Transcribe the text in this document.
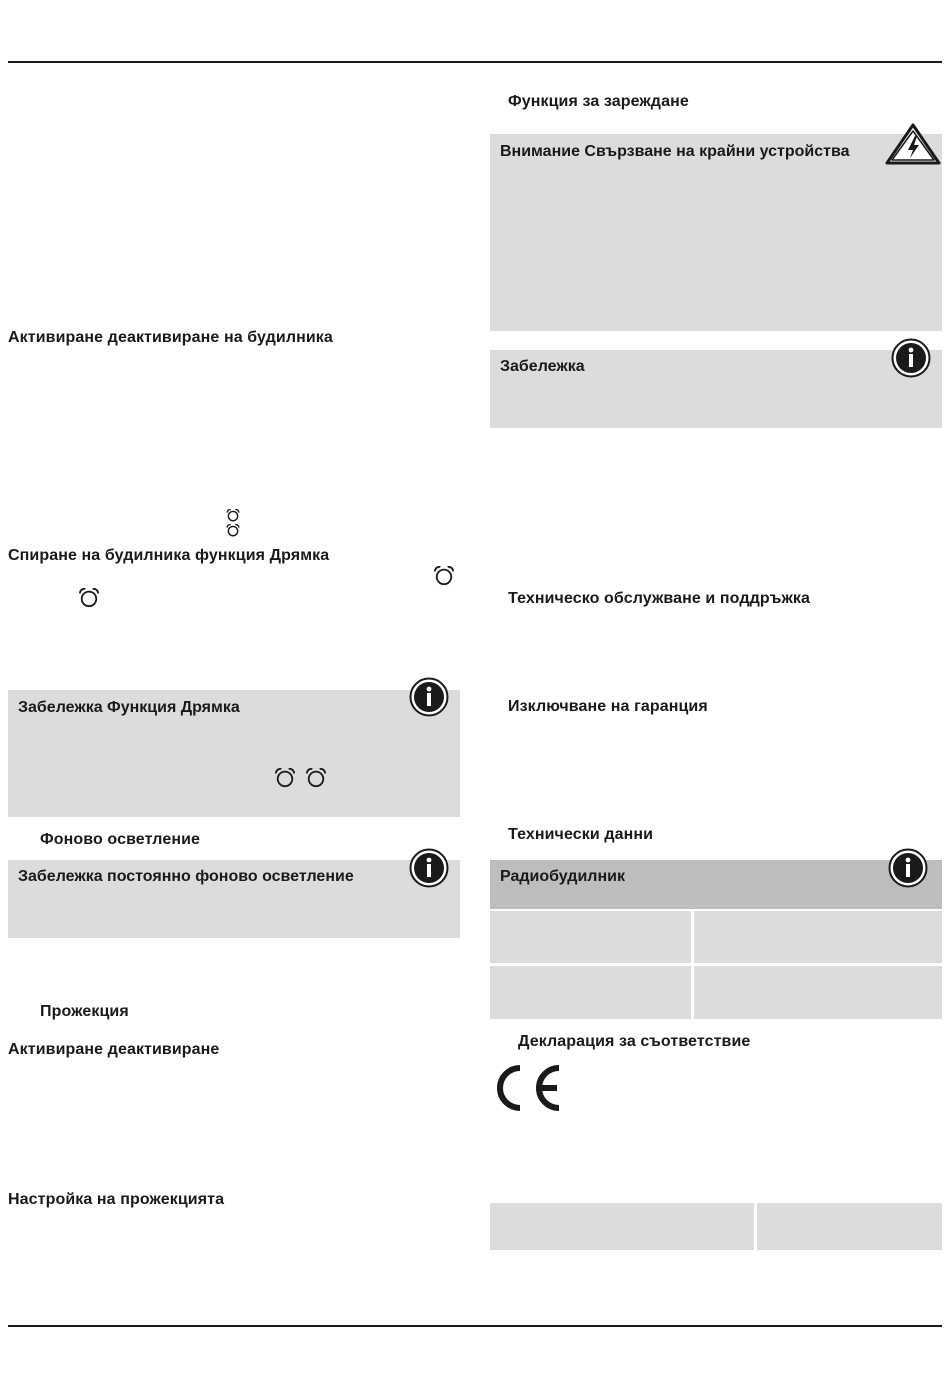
Активиране деактивиране на будилника
Спиране на будилника функция Дрямка
Забележка Функция Дрямка
Фоново осветление
Забележка постоянно фоново осветление
Прожекция
Активиране деактивиране
Настройка на прожекцията
Функция за зареждане
Внимание Свързване на крайни устройства
Забележка
Техническо обслужване и поддръжка
Изключване на гаранция
Технически данни
Радиобудилник
Декларация за съответствие
